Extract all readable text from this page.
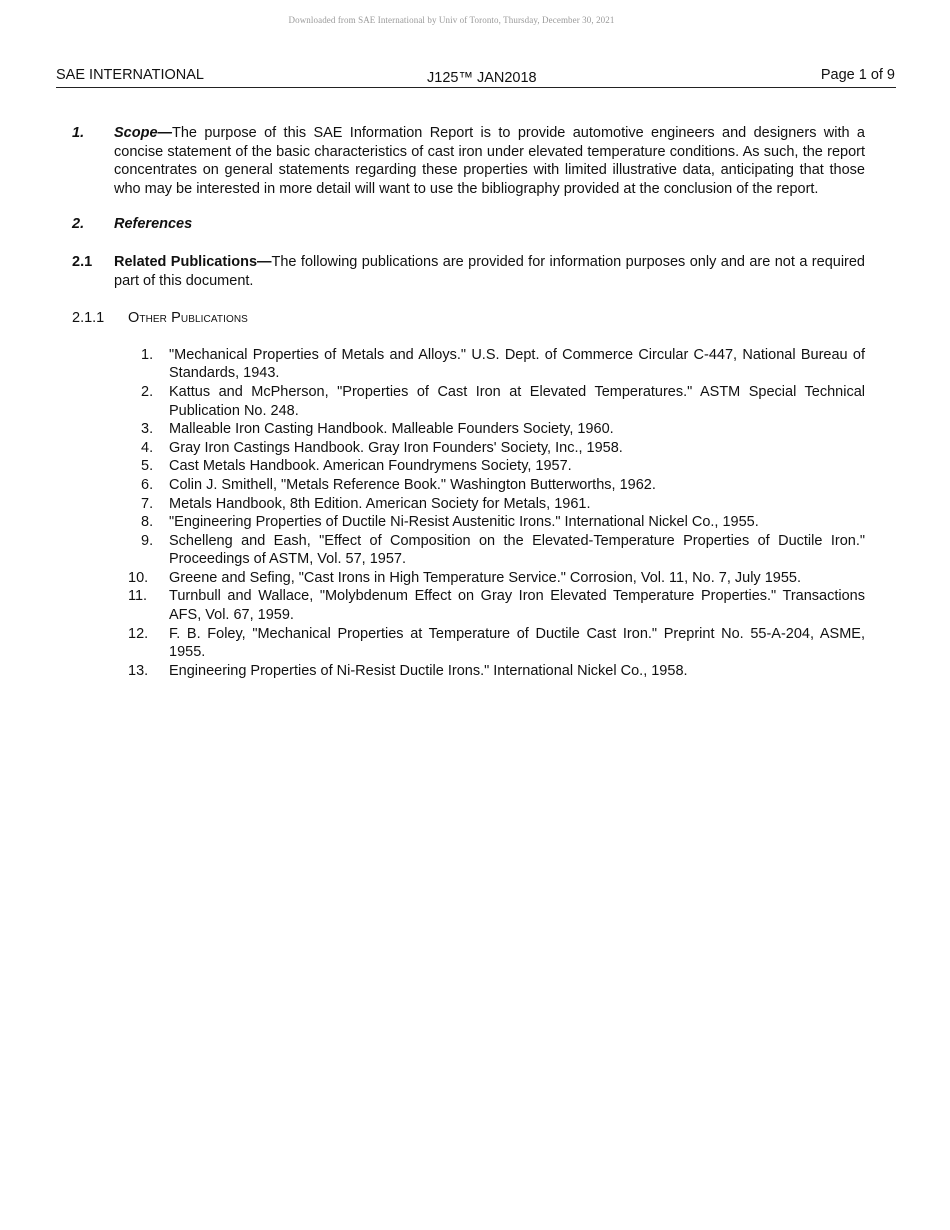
Downloaded from SAE International by Univ of Toronto, Thursday, December 30, 2021
SAE INTERNATIONAL	J125™ JAN2018	Page 1 of 9
1.	Scope—The purpose of this SAE Information Report is to provide automotive engineers and designers with a concise statement of the basic characteristics of cast iron under elevated temperature conditions. As such, the report concentrates on general statements regarding these properties with limited illustrative data, anticipating that those who may be interested in more detail will want to use the bibliography provided at the conclusion of the report.
2.	References
2.1	Related Publications—The following publications are provided for information purposes only and are not a required part of this document.
2.1.1	Other Publications
1.	"Mechanical Properties of Metals and Alloys." U.S. Dept. of Commerce Circular C-447, National Bureau of Standards, 1943.
2.	Kattus and McPherson, "Properties of Cast Iron at Elevated Temperatures." ASTM Special Technical Publication No. 248.
3.	Malleable Iron Casting Handbook. Malleable Founders Society, 1960.
4.	Gray Iron Castings Handbook. Gray Iron Founders' Society, Inc., 1958.
5.	Cast Metals Handbook. American Foundrymens Society, 1957.
6.	Colin J. Smithell, "Metals Reference Book." Washington Butterworths, 1962.
7.	Metals Handbook, 8th Edition. American Society for Metals, 1961.
8.	"Engineering Properties of Ductile Ni-Resist Austenitic Irons." International Nickel Co., 1955.
9.	Schelleng and Eash, "Effect of Composition on the Elevated-Temperature Properties of Ductile Iron." Proceedings of ASTM, Vol. 57, 1957.
10.	Greene and Sefing, "Cast Irons in High Temperature Service." Corrosion, Vol. 11, No. 7, July 1955.
11.	Turnbull and Wallace, "Molybdenum Effect on Gray Iron Elevated Temperature Properties." Transactions AFS, Vol. 67, 1959.
12.	F. B. Foley, "Mechanical Properties at Temperature of Ductile Cast Iron." Preprint No. 55-A-204, ASME, 1955.
13.	Engineering Properties of Ni-Resist Ductile Irons." International Nickel Co., 1958.
